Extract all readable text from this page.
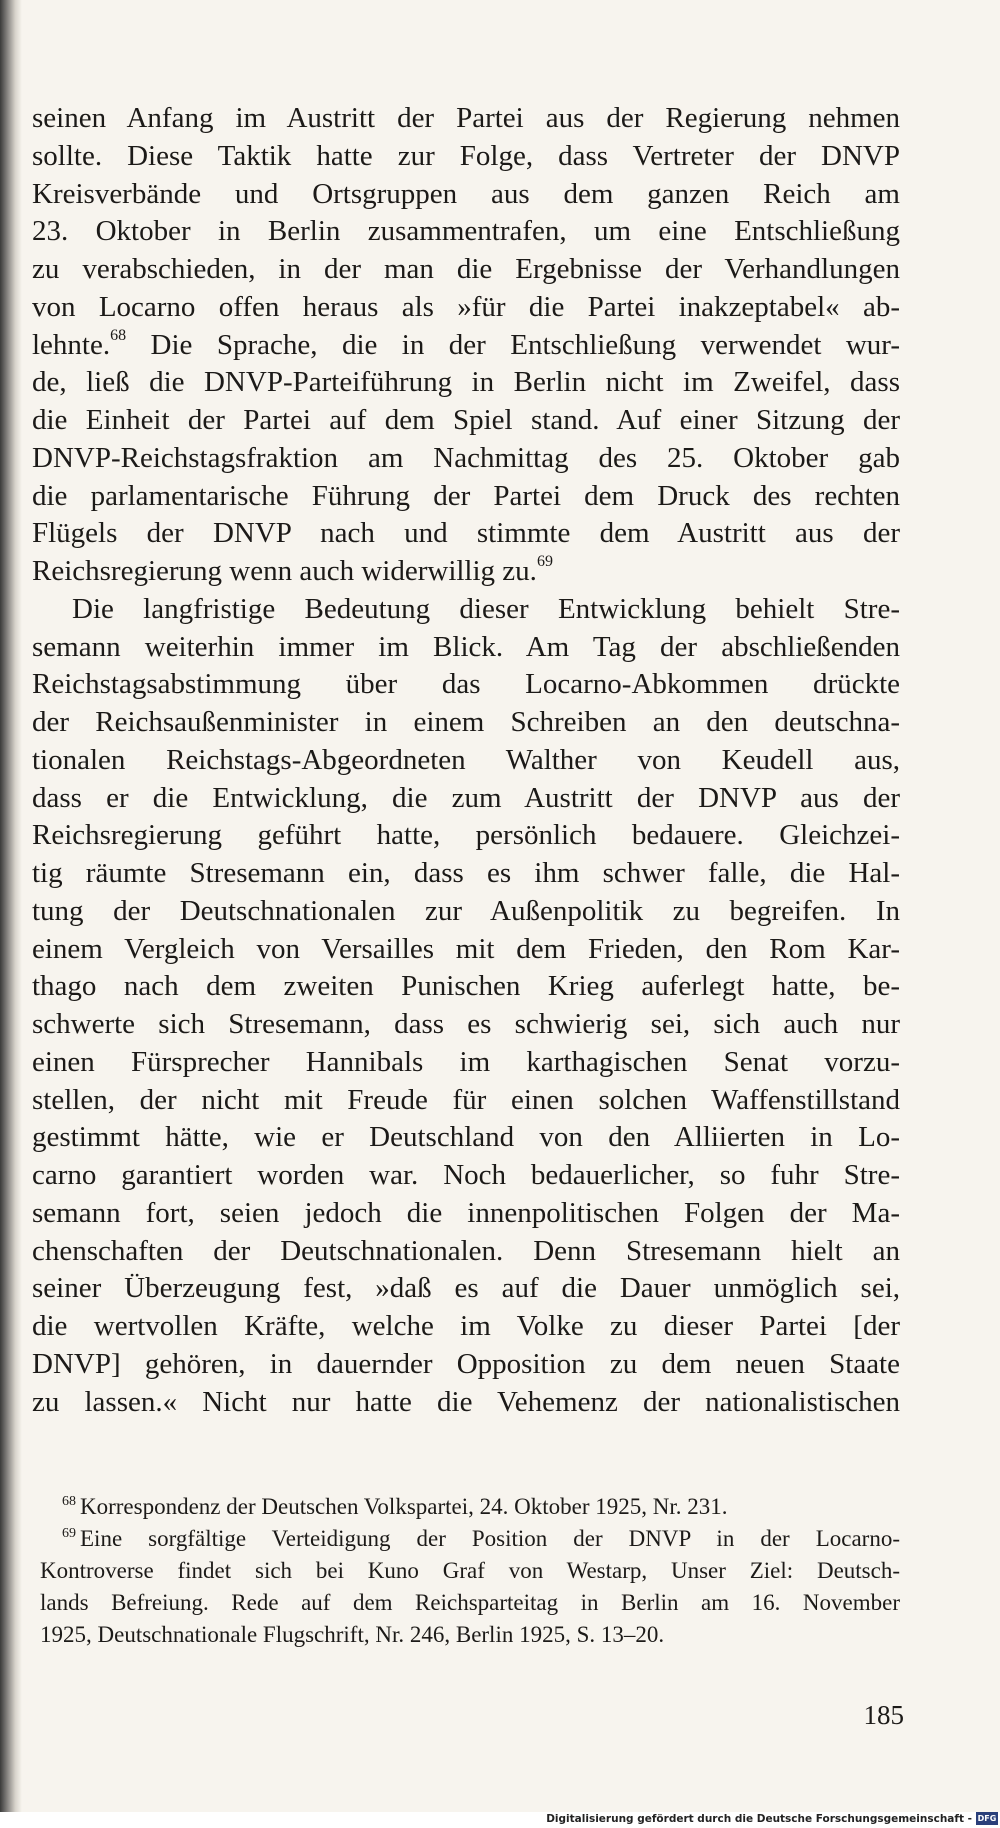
seinen Anfang im Austritt der Partei aus der Regierung nehmen
sollte. Diese Taktik hatte zur Folge, dass Vertreter der DNVP
Kreisverbände und Ortsgruppen aus dem ganzen Reich am
23. Oktober in Berlin zusammentrafen, um eine Entschließung
zu verabschieden, in der man die Ergebnisse der Verhandlungen
von Locarno offen heraus als »für die Partei inakzeptabel« ab-
lehnte.$^{68}$ Die Sprache, die in der Entschließung verwendet wur-
de, ließ die DNVP-Parteiführung in Berlin nicht im Zweifel, dass
die Einheit der Partei auf dem Spiel stand. Auf einer Sitzung der
DNVP-Reichstagsfraktion am Nachmittag des 25. Oktober gab
die parlamentarische Führung der Partei dem Druck des rechten
Flügels der DNVP nach und stimmte dem Austritt aus der
Reichsregierung wenn auch widerwillig zu.$^{69}$
Die langfristige Bedeutung dieser Entwicklung behielt Stre-
semann weiterhin immer im Blick. Am Tag der abschließenden
Reichstagsabstimmung über das Locarno-Abkommen drückte
der Reichsaußenminister in einem Schreiben an den deutschna-
tionalen Reichstags-Abgeordneten Walther von Keudell aus,
dass er die Entwicklung, die zum Austritt der DNVP aus der
Reichsregierung geführt hatte, persönlich bedauere. Gleichzei-
tig räumte Stresemann ein, dass es ihm schwer falle, die Hal-
tung der Deutschnationalen zur Außenpolitik zu begreifen. In
einem Vergleich von Versailles mit dem Frieden, den Rom Kar-
thago nach dem zweiten Punischen Krieg auferlegt hatte, be-
schwerte sich Stresemann, dass es schwierig sei, sich auch nur
einen Fürsprecher Hannibals im karthagischen Senat vorzu-
stellen, der nicht mit Freude für einen solchen Waffenstillstand
gestimmt hätte, wie er Deutschland von den Alliierten in Lo-
carno garantiert worden war. Noch bedauerlicher, so fuhr Stre-
semann fort, seien jedoch die innenpolitischen Folgen der Ma-
chenschaften der Deutschnationalen. Denn Stresemann hielt an
seiner Überzeugung fest, »daß es auf die Dauer unmöglich sei,
die wertvollen Kräfte, welche im Volke zu dieser Partei [der
DNVP] gehören, in dauernder Opposition zu dem neuen Staate
zu lassen.« Nicht nur hatte die Vehemenz der nationalistischen
$^{68}$ Korrespondenz der Deutschen Volkspartei, 24. Oktober 1925, Nr. 231.
$^{69}$ Eine sorgfältige Verteidigung der Position der DNVP in der Locarno-
Kontroverse findet sich bei Kuno Graf von Westarp, Unser Ziel: Deutsch-
lands Befreiung. Rede auf dem Reichsparteitag in Berlin am 16. November
1925, Deutschnationale Flugschrift, Nr. 246, Berlin 1925, S. 13–20.
185
Digitalisierung gefördert durch die Deutsche Forschungsgemeinschaft - DFG
